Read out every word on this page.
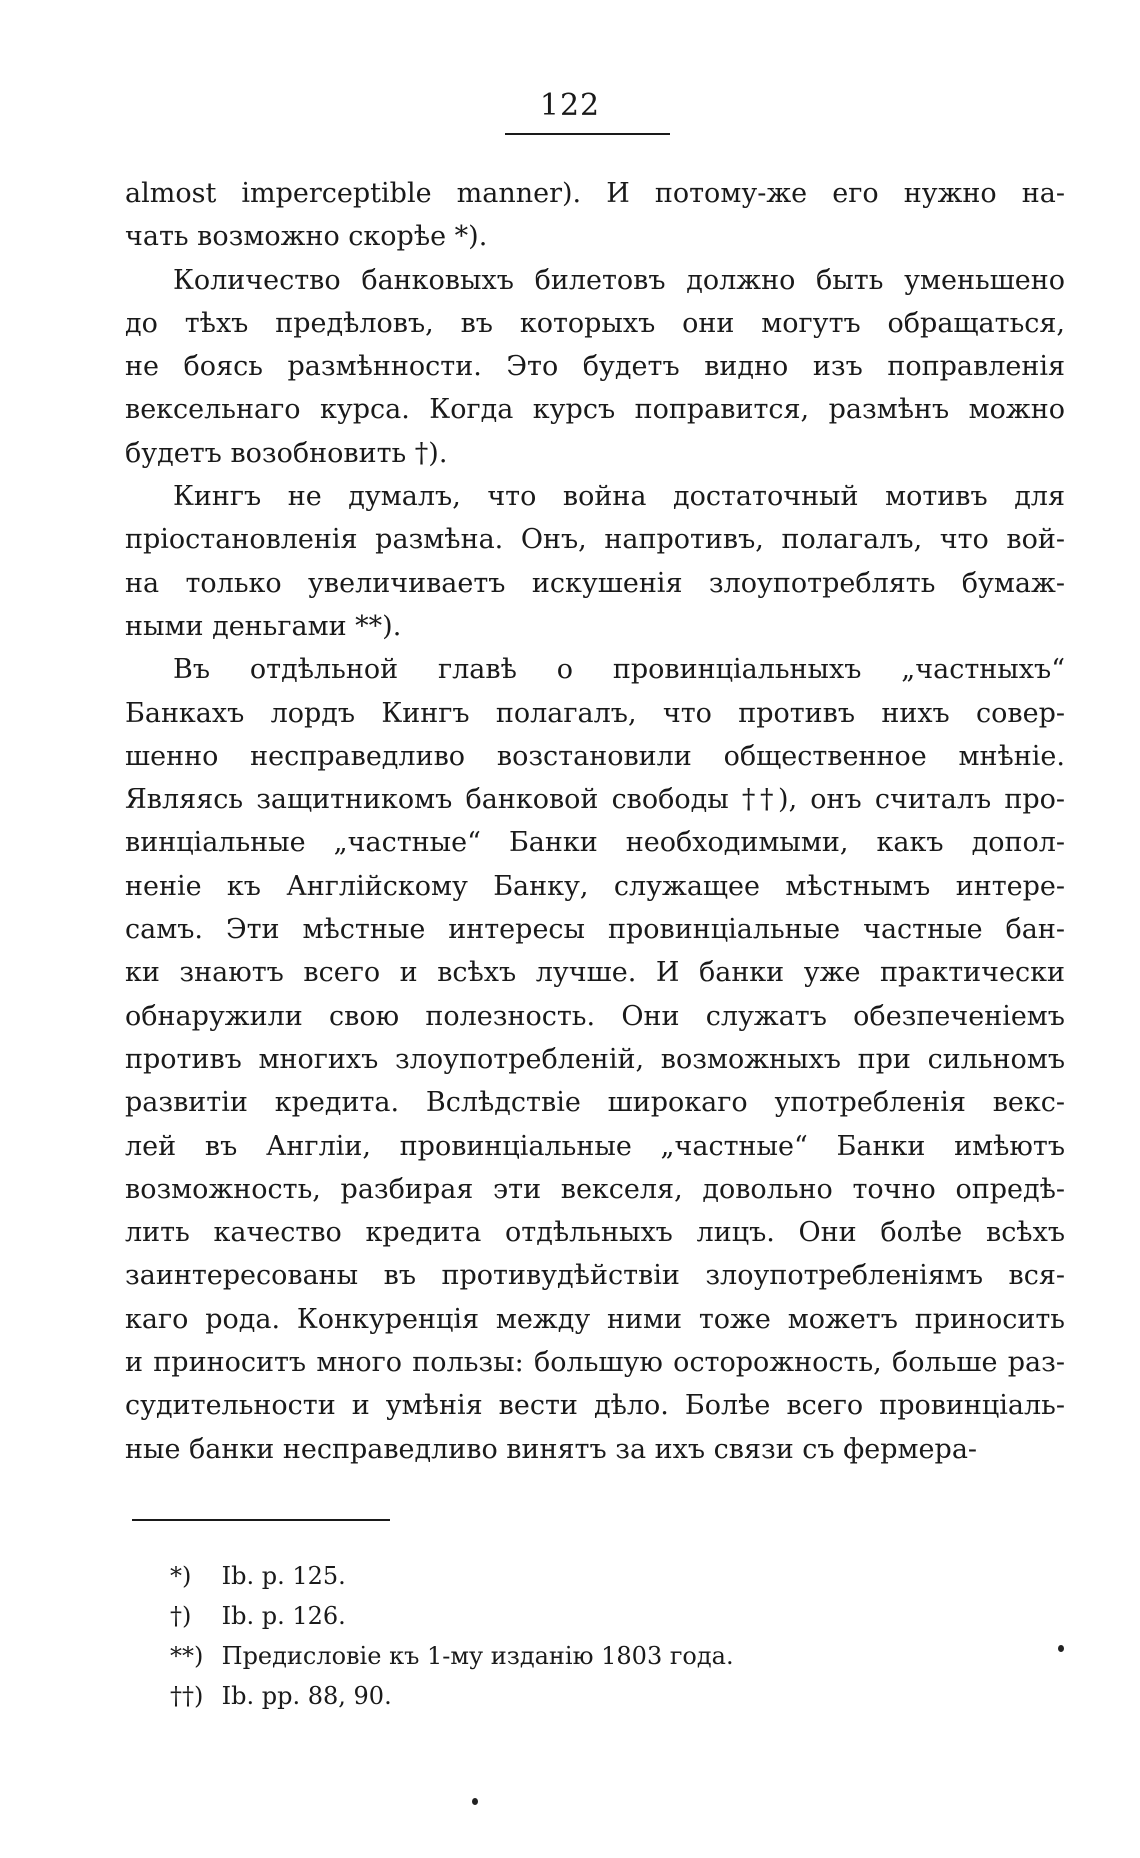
122
almost imperceptible manner). И потому-же его нужно на-
чать возможно скорѣе *).
Количество банковыхъ билетовъ должно быть уменьшено
до тѣхъ предѣловъ, въ которыхъ они могутъ обращаться,
не боясь размѣнности. Это будетъ видно изъ поправленія
вексельнаго курса. Когда курсъ поправится, размѣнъ можно
будетъ возобновить †).
Кингъ не думалъ, что война достаточный мотивъ для
пріостановленія размѣна. Онъ, напротивъ, полагалъ, что вой-
на только увеличиваетъ искушенія злоупотреблять бумаж-
ными деньгами **).
Въ отдѣльной главѣ о провинціальныхъ „частныхъ“
Банкахъ лордъ Кингъ полагалъ, что противъ нихъ совер-
шенно несправедливо возстановили общественное мнѣніе.
Являясь защитникомъ банковой свободы ††), онъ считалъ про-
винціальные „частные“ Банки необходимыми, какъ допол-
неніе къ Англійскому Банку, служащее мѣстнымъ интере-
самъ. Эти мѣстные интересы провинціальные частные бан-
ки знаютъ всего и всѣхъ лучше. И банки уже практически
обнаружили свою полезность. Они служатъ обезпеченіемъ
противъ многихъ злоупотребленій, возможныхъ при сильномъ
развитіи кредита. Вслѣдствіе широкаго употребленія векс-
лей въ Англіи, провинціальные „частные“ Банки имѣютъ
возможность, разбирая эти векселя, довольно точно опредѣ-
лить качество кредита отдѣльныхъ лицъ. Они болѣе всѣхъ
заинтересованы въ противудѣйствіи злоупотребленіямъ вся-
каго рода. Конкуренція между ними тоже можетъ приносить
и приноситъ много пользы: большую осторожность, больше раз-
судительности и умѣнія вести дѣло. Болѣе всего провинціаль-
ные банки несправедливо винятъ за ихъ связи съ фермера-
*) Ib. p. 125.
†) Ib. p. 126.
**) Предисловіе къ 1-му изданію 1803 года.
††) Ib. pp. 88, 90.
